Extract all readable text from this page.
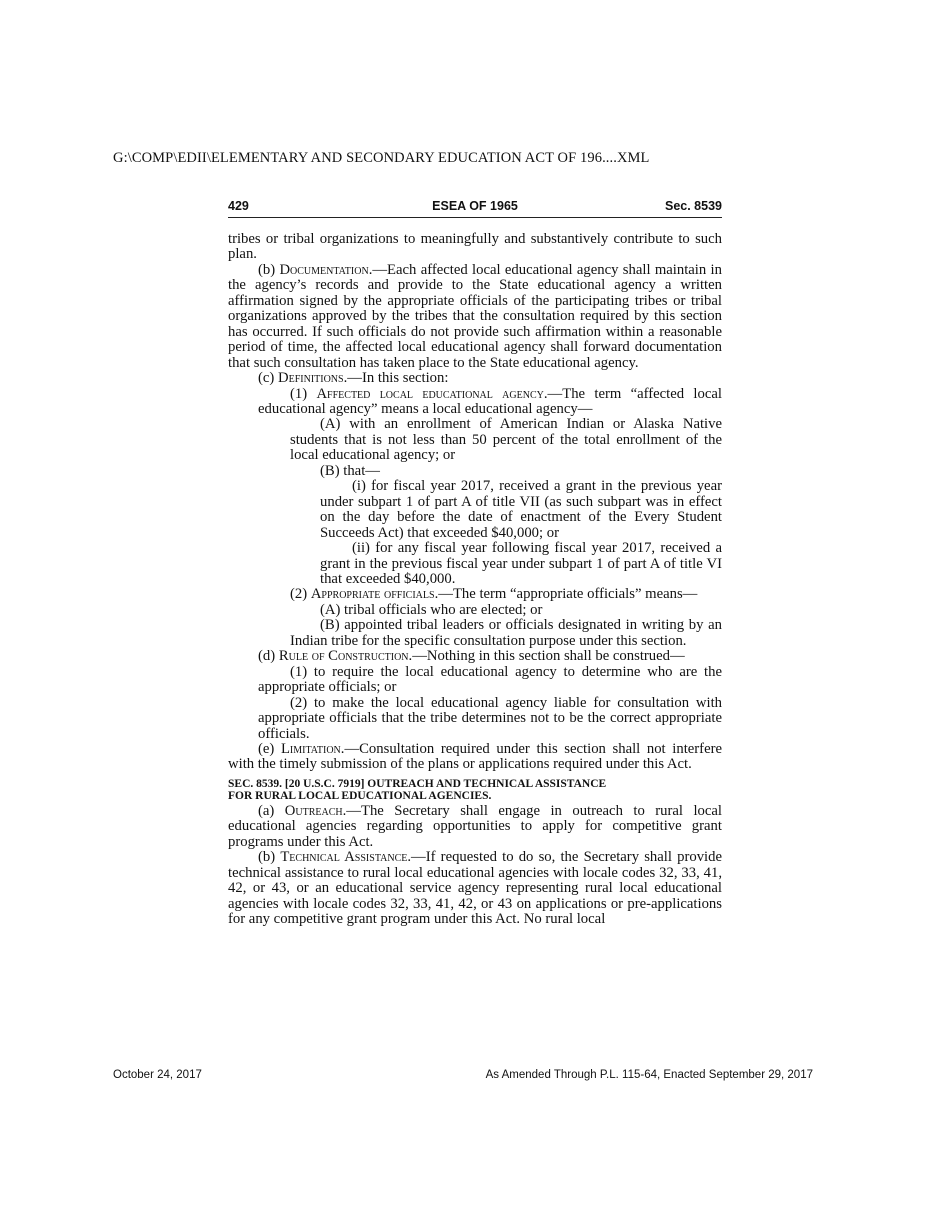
G:\COMP\EDII\ELEMENTARY AND SECONDARY EDUCATION ACT OF 196....XML
ESEA OF 1965
429	Sec. 8539

tribes or tribal organizations to meaningfully and substantively contribute to such plan.

(b) Documentation.—Each affected local educational agency shall maintain in the agency’s records and provide to the State educational agency a written affirmation signed by the appropriate officials of the participating tribes or tribal organizations approved by the tribes that the consultation required by this section has occurred. If such officials do not provide such affirmation within a reasonable period of time, the affected local educational agency shall forward documentation that such consultation has taken place to the State educational agency.

(c) Definitions.—In this section:

(1) Affected local educational agency.—The term “affected local educational agency” means a local educational agency—

(A) with an enrollment of American Indian or Alaska Native students that is not less than 50 percent of the total enrollment of the local educational agency; or

(B) that—

(i) for fiscal year 2017, received a grant in the previous year under subpart 1 of part A of title VII (as such subpart was in effect on the day before the date of enactment of the Every Student Succeeds Act) that exceeded $40,000; or

(ii) for any fiscal year following fiscal year 2017, received a grant in the previous fiscal year under subpart 1 of part A of title VI that exceeded $40,000.

(2) Appropriate officials.—The term “appropriate officials” means—

(A) tribal officials who are elected; or

(B) appointed tribal leaders or officials designated in writing by an Indian tribe for the specific consultation purpose under this section.

(d) Rule of Construction.—Nothing in this section shall be construed—

(1) to require the local educational agency to determine who are the appropriate officials; or

(2) to make the local educational agency liable for consultation with appropriate officials that the tribe determines not to be the correct appropriate officials.

(e) Limitation.—Consultation required under this section shall not interfere with the timely submission of the plans or applications required under this Act.

SEC. 8539. [20 U.S.C. 7919] OUTREACH AND TECHNICAL ASSISTANCE
FOR RURAL LOCAL EDUCATIONAL AGENCIES.

(a) Outreach.—The Secretary shall engage in outreach to rural local educational agencies regarding opportunities to apply for competitive grant programs under this Act.

(b) Technical Assistance.—If requested to do so, the Secretary shall provide technical assistance to rural local educational agencies with locale codes 32, 33, 41, 42, or 43, or an educational service agency representing rural local educational agencies with locale codes 32, 33, 41, 42, or 43 on applications or pre-applications for any competitive grant program under this Act. No rural local

October 24, 2017	As Amended Through P.L. 115-64, Enacted September 29, 2017
